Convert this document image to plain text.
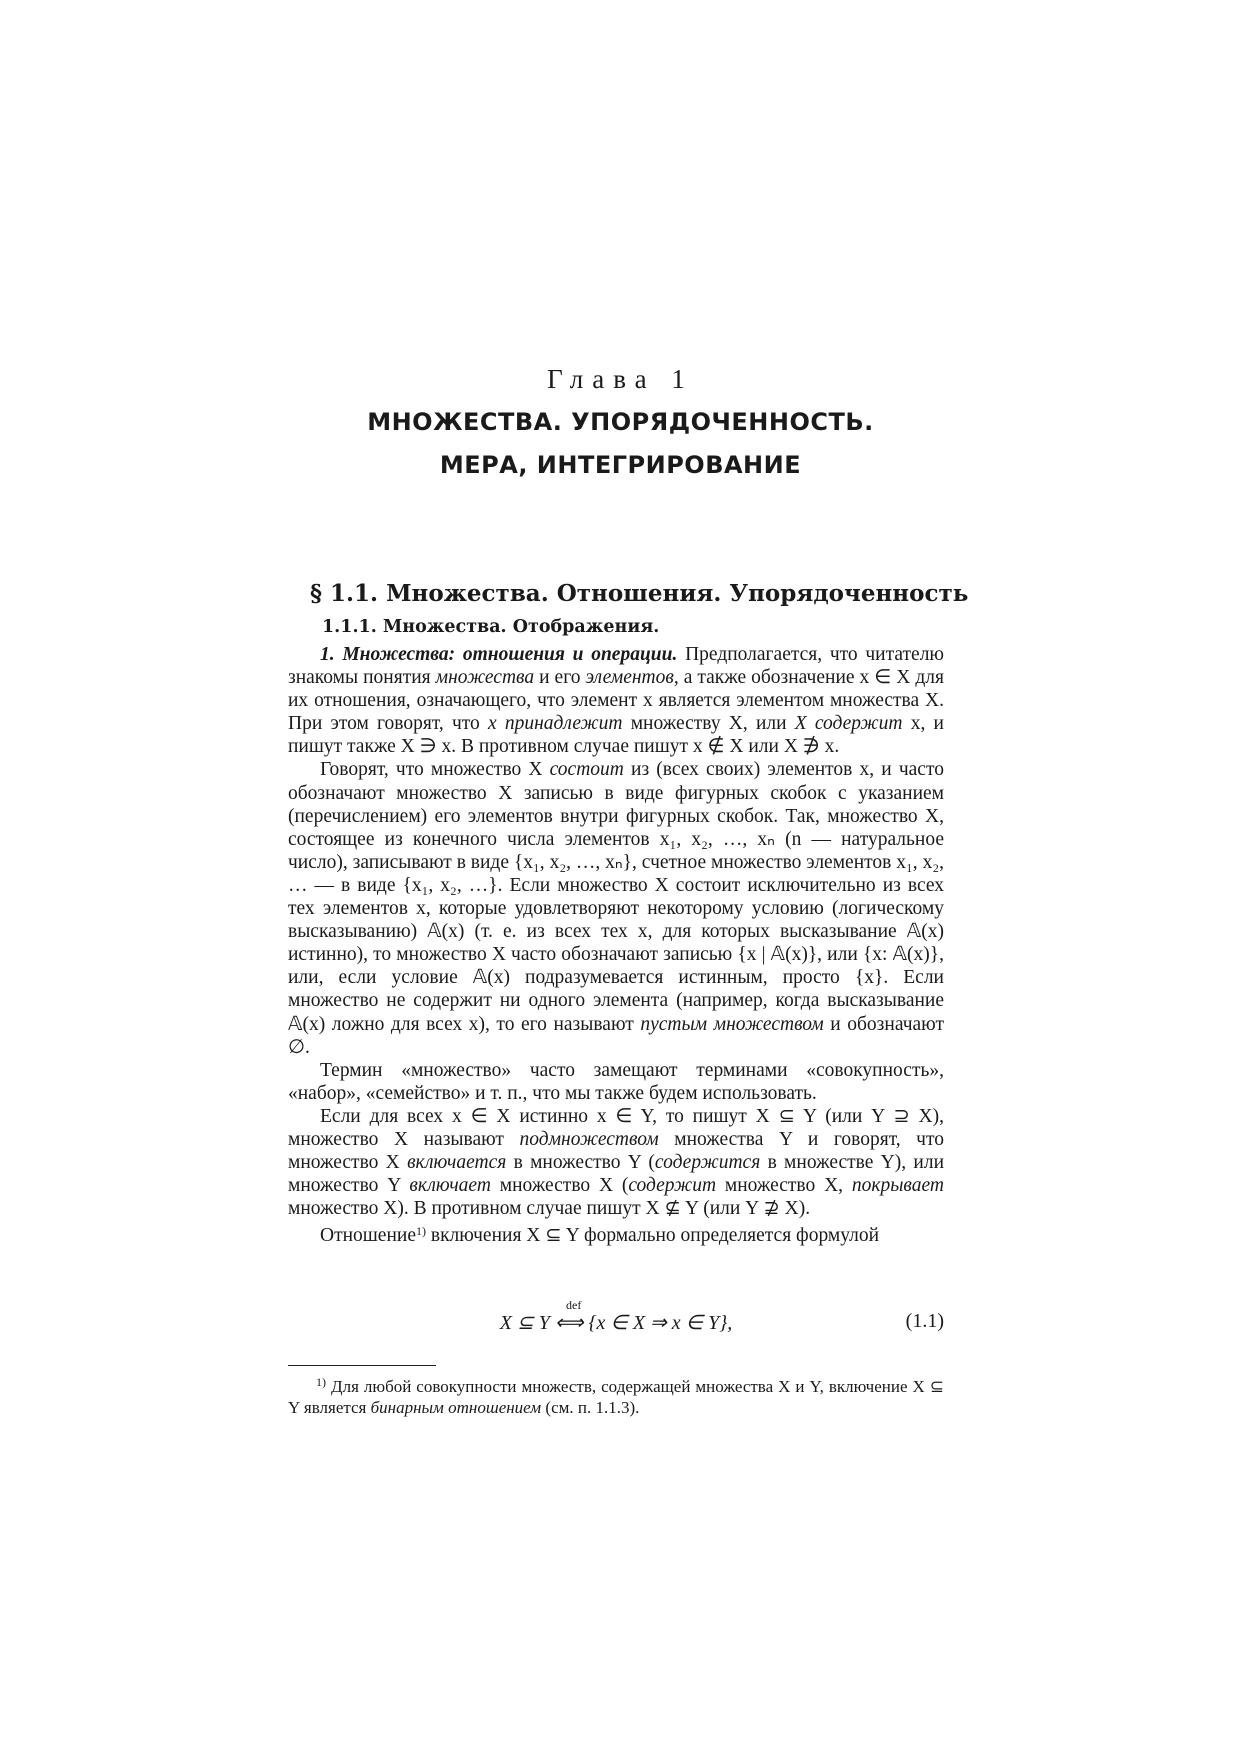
Глава 1
МНОЖЕСТВА. УПОРЯДОЧЕННОСТЬ.
МЕРА, ИНТЕГРИРОВАНИЕ
§ 1.1. Множества. Отношения. Упорядоченность
1.1.1. Множества. Отображения.

1. Множества: отношения и операции. Предполагается, что читателю знакомы понятия множества и его элементов, а также обозначение x ∈ X для их отношения, означающего, что элемент x является элементом множества X. При этом говорят, что x принадлежит множеству X, или X содержит x, и пишут также X ∋ x. В противном случае пишут x ∉ X или X ∌ x.

Говорят, что множество X состоит из (всех своих) элементов x, и часто обозначают множество X записью в виде фигурных скобок с указанием (перечислением) его элементов внутри фигурных скобок. Так, множество X, состоящее из конечного числа элементов x₁, x₂, …, xₙ (n — натуральное число), записывают в виде {x₁, x₂, …, xₙ}, счетное множество элементов x₁, x₂, … — в виде {x₁, x₂, …}. Если множество X состоит исключительно из всех тех элементов x, которые удовлетворяют некоторому условию (логическому высказыванию) 𝔸(x) (т. е. из всех тех x, для которых высказывание 𝔸(x) истинно), то множество X часто обозначают записью {x | 𝔸(x)}, или {x: 𝔸(x)}, или, если условие 𝔸(x) подразумевается истинным, просто {x}. Если множество не содержит ни одного элемента (например, когда высказывание 𝔸(x) ложно для всех x), то его называют пустым множеством и обозначают ∅.

Термин «множество» часто замещают терминами «совокупность», «набор», «семейство» и т. п., что мы также будем использовать.

Если для всех x ∈ X истинно x ∈ Y, то пишут X ⊆ Y (или Y ⊇ X), множество X называют подмножеством множества Y и говорят, что множество X включается в множество Y (содержится в множестве Y), или множество Y включает множество X (содержит множество X, покрывает множество X). В противном случае пишут X ⊈ Y (или Y ⊉ X).

Отношение$^{1)}$ включения X ⊆ Y формально определяется формулой

X ⊆ Y ⟺ {x ∈ X ⇒ x ∈ Y},
def
(1.1)

$^{1)}$ Для любой совокупности множеств, содержащей множества X и Y, включение X ⊆ Y является бинарным отношением (см. п. 1.1.3).
